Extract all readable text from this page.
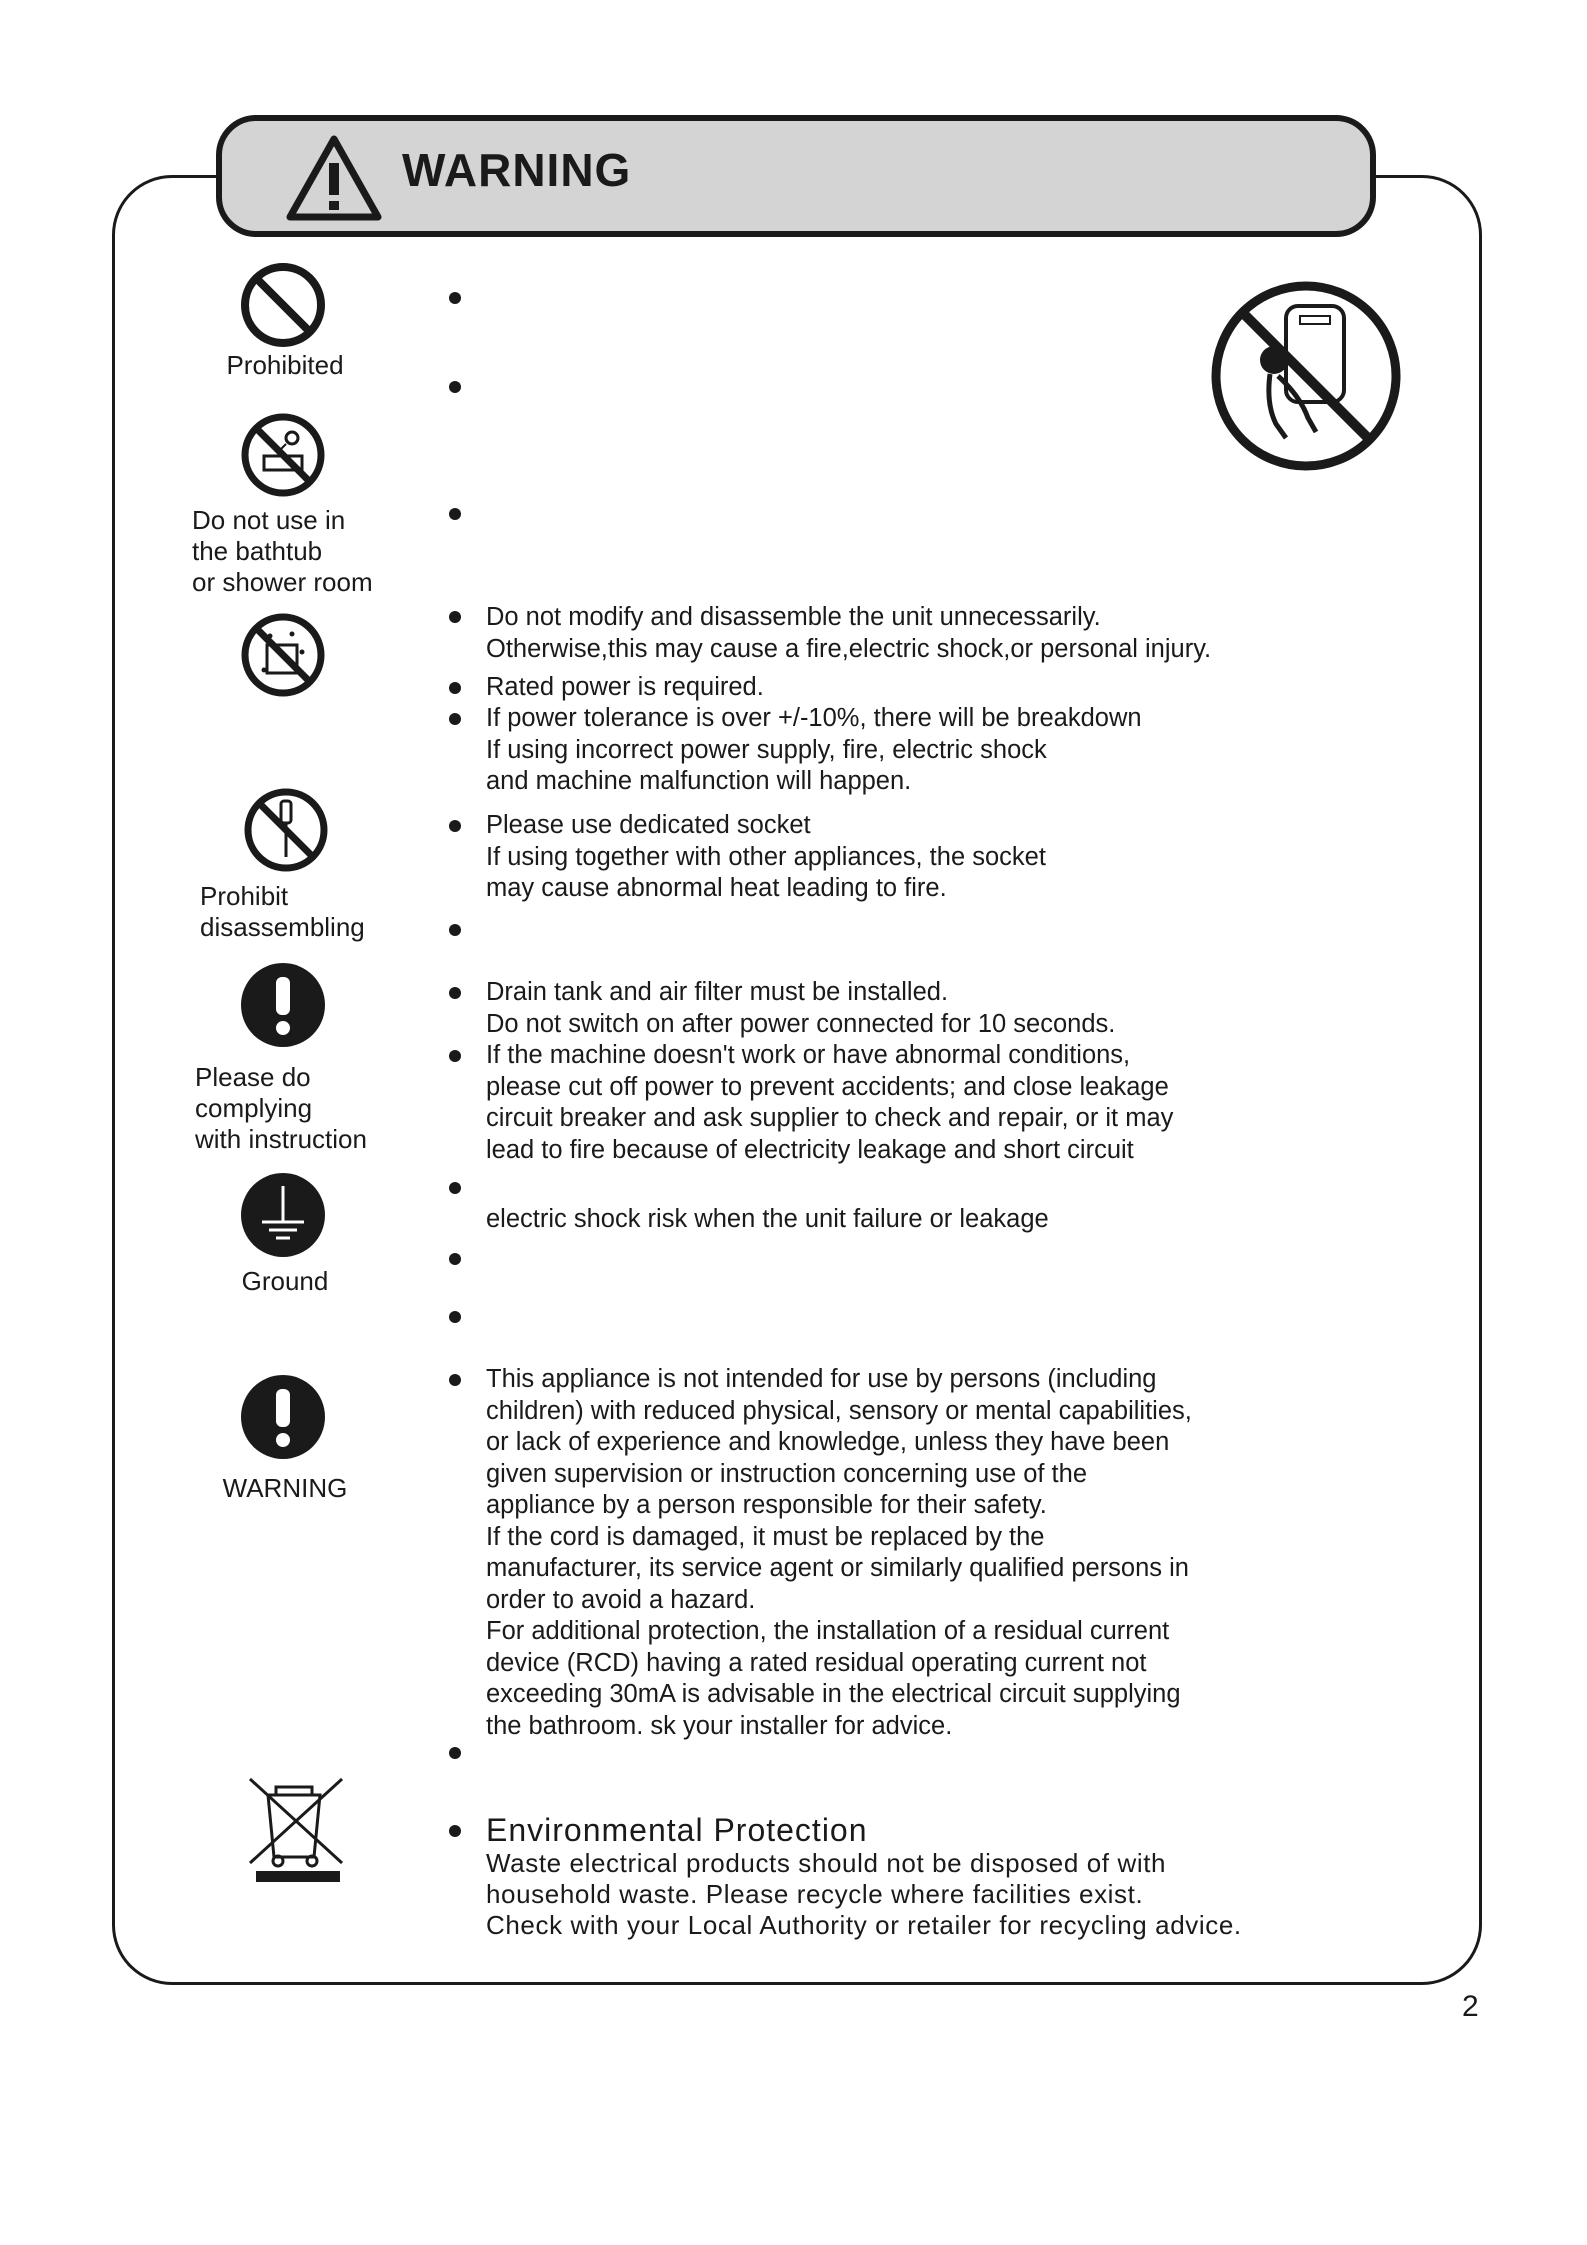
WARNING
Prohibited
Do not use in
the bathtub
or shower room
Prohibit
disassembling
Please do
complying
with instruction
Ground
WARNING
Do not modify and disassemble the unit unnecessarily.
Otherwise,this may cause a fire,electric shock,or personal injury.
Rated power is required.
If power tolerance is over +/-10%, there will be breakdown
If using incorrect power supply, fire, electric shock
and machine malfunction will happen.
Please use dedicated socket
If using together with other appliances, the socket
may cause abnormal heat leading to fire.
Drain tank and air filter must be installed.
Do not switch on after power connected for 10 seconds.
If the machine doesn't work or have abnormal conditions,
please cut off power to prevent accidents; and close leakage
circuit breaker and ask supplier to check and repair, or it may
lead to fire because of electricity leakage and short circuit
electric shock risk when the unit failure or leakage
This appliance is not intended for use by persons (including
children) with reduced physical, sensory or mental capabilities,
or lack of experience and knowledge, unless they have been
given supervision or instruction concerning use of the
appliance by a person responsible for their safety.
If the cord is damaged, it must be replaced by the
manufacturer, its service agent or similarly qualified persons in
order to avoid a hazard.
For additional protection, the installation of a residual current
device (RCD) having a rated residual operating current not
exceeding 30mA is advisable in the electrical circuit supplying
the bathroom. sk your installer for advice.
Environmental Protection
Waste electrical products should not be disposed of with
household waste. Please recycle where facilities exist.
Check with your Local Authority or retailer for recycling advice.
2
